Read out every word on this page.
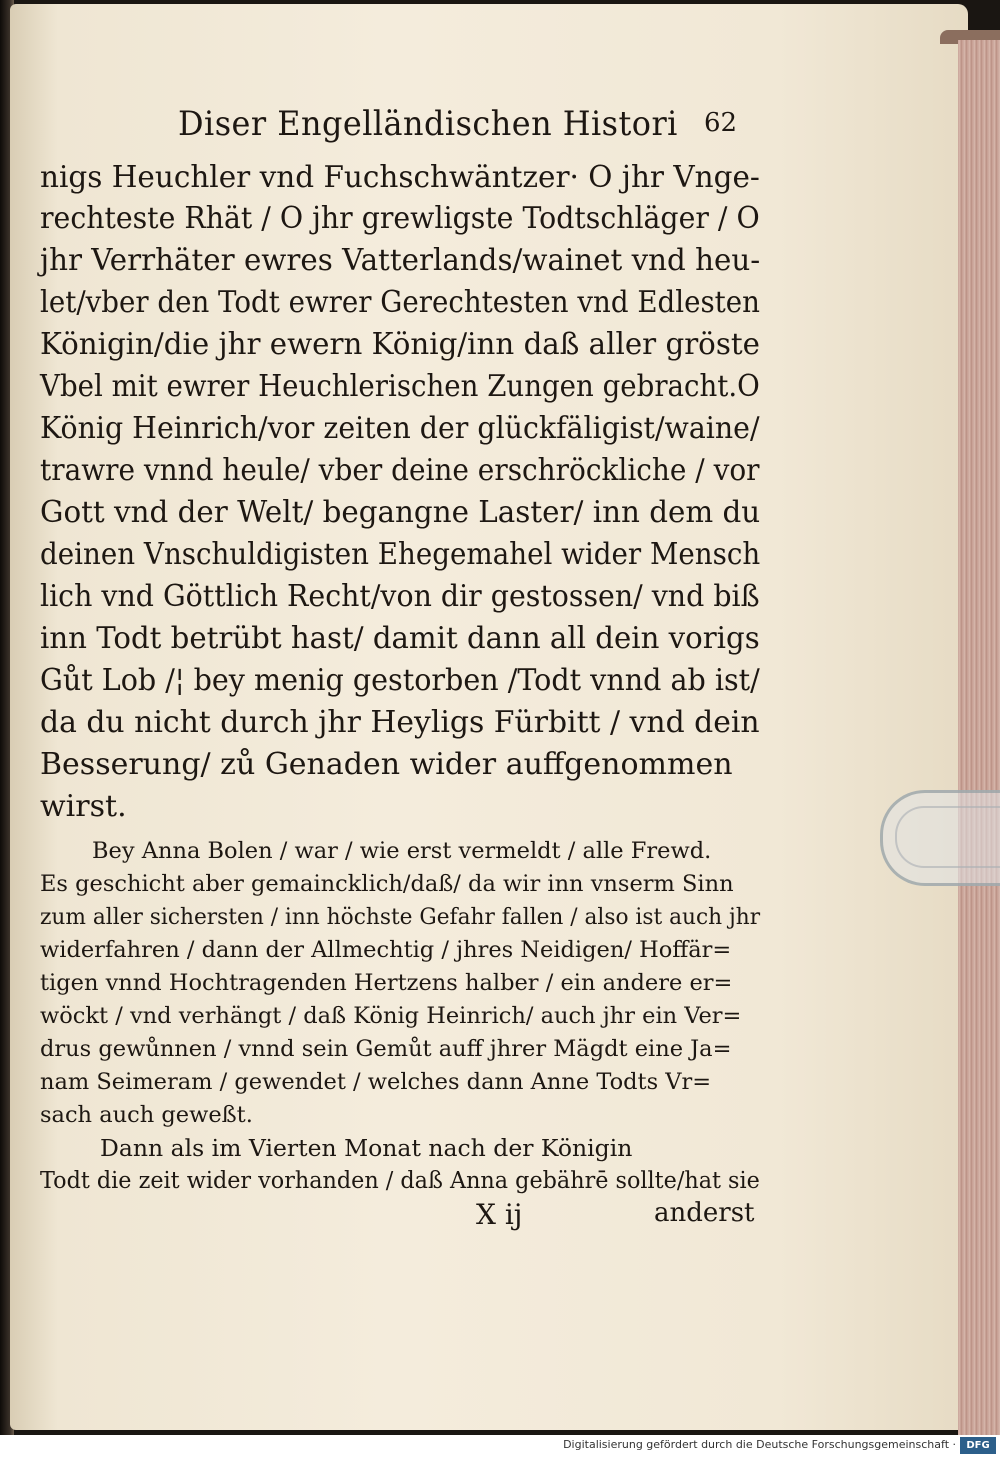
Diser Engelländischen Histori 62
nigs Heuchler vnd Fuchschwäntzer· O jhr Vnge-
rechteste Rhät / O jhr grewligste Todtschläger / O
jhr Verrhäter ewres Vatterlands/wainet vnd heu-
let/vber den Todt ewrer Gerechtesten vnd Edlesten
Königin/die jhr ewern König/inn daß aller gröste
Vbel mit ewrer Heuchlerischen Zungen gebracht.O
König Heinrich/vor zeiten der glückfäligist/waine/
trawre vnnd heule/ vber deine erschröckliche / vor
Gott vnd der Welt/ begangne Laster/ inn dem du
deinen Vnschuldigisten Ehegemahel wider Mensch
lich vnd Göttlich Recht/von dir gestossen/ vnd biß
inn Todt betrübt hast/ damit dann all dein vorigs
Gůt Lob /¦ bey menig gestorben /Todt vnnd ab ist/
da du nicht durch jhr Heyligs Fürbitt / vnd dein
Besserung/ zů Genaden wider auffgenommen
wirst.
Bey Anna Bolen / war / wie erst vermeldt / alle Frewd.
Es geschicht aber gemaincklich/daß/ da wir inn vnserm Sinn
zum aller sichersten / inn höchste Gefahr fallen / also ist auch jhr
widerfahren / dann der Allmechtig / jhres Neidigen/ Hoffär=
tigen vnnd Hochtragenden Hertzens halber / ein andere er=
wöckt / vnd verhängt / daß König Heinrich/ auch jhr ein Ver=
drus gewůnnen / vnnd sein Gemůt auff jhrer Mägdt eine Ja=
nam Seimeram / gewendet / welches dann Anne Todts Vr=
sach auch geweßt.
Dann als im Vierten Monat nach der Königin
Todt die zeit wider vorhanden / daß Anna gebährē sollte/hat sie
X ij	anderst
Digitalisierung gefördert durch die Deutsche Forschungsgemeinschaft ·	DFG
